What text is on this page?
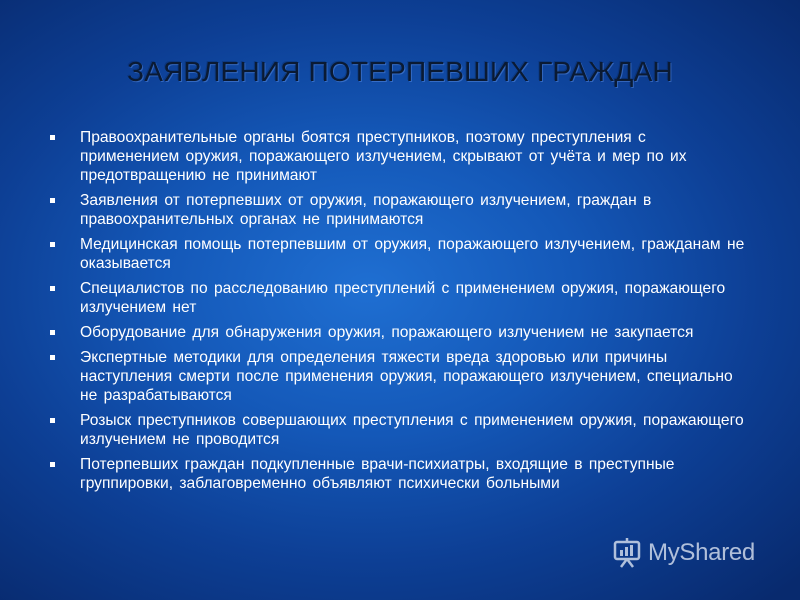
ЗАЯВЛЕНИЯ ПОТЕРПЕВШИХ ГРАЖДАН
Правоохранительные органы боятся преступников, поэтому преступления с применением оружия, поражающего излучением, скрывают от учёта и мер по их предотвращению не принимают
Заявления от потерпевших от оружия, поражающего излучением, граждан в правоохранительных органах не принимаются
Медицинская помощь потерпевшим от оружия, поражающего излучением, гражданам не оказывается
Специалистов по расследованию преступлений с применением оружия, поражающего излучением нет
Оборудование для обнаружения оружия, поражающего излучением не закупается
Экспертные методики для определения тяжести вреда здоровью или причины наступления смерти после применения оружия, поражающего излучением, специально не разрабатываются
Розыск преступников совершающих преступления с применением оружия, поражающего излучением не проводится
Потерпевших граждан подкупленные врачи-психиатры, входящие в преступные группировки, заблаговременно объявляют психически больными
MyShared
